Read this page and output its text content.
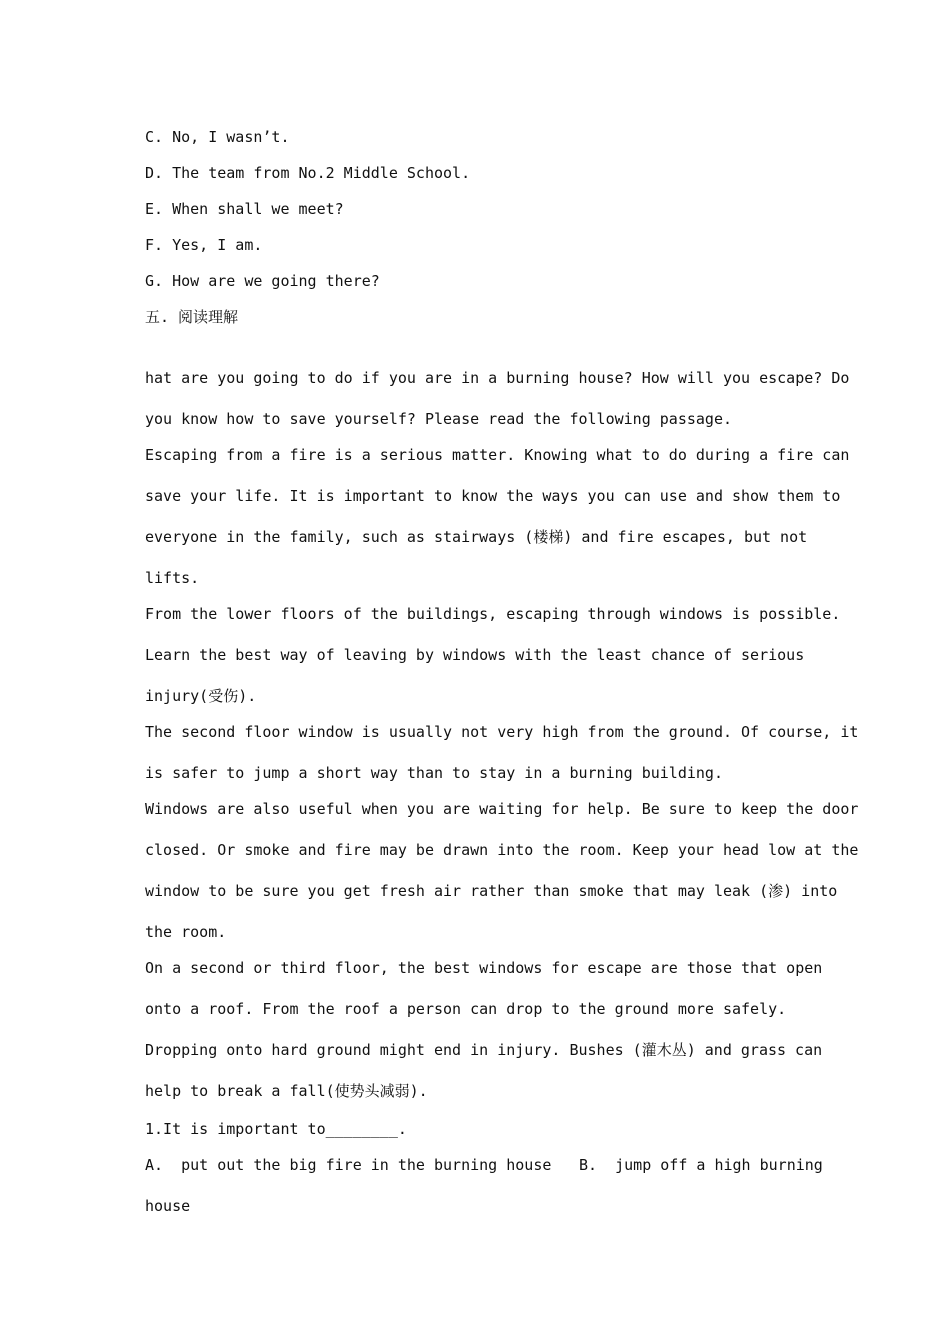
C. No, I wasn’t.
D. The team from No.2 Middle School.
E. When shall we meet?
F. Yes, I am.
G. How are we going there?
五. 阅读理解
hat are you going to do if you are in a burning house? How will you escape? Do
you know how to save yourself? Please read the following passage.
Escaping from a fire is a serious matter. Knowing what to do during a fire can
save your life. It is important to know the ways you can use and show them to
everyone in the family, such as stairways (楼梯) and fire escapes, but not
lifts.
From the lower floors of the buildings, escaping through windows is possible.
Learn the best way of leaving by windows with the least chance of serious
injury(受伤).
The second floor window is usually not very high from the ground. Of course, it
is safer to jump a short way than to stay in a burning building.
Windows are also useful when you are waiting for help. Be sure to keep the door
closed. Or smoke and fire may be drawn into the room. Keep your head low at the
window to be sure you get fresh air rather than smoke that may leak (渗) into
the room.
On a second or third floor, the best windows for escape are those that open
onto a roof. From the roof a person can drop to the ground more safely.
Dropping onto hard ground might end in injury. Bushes (灌木丛) and grass can
help to break a fall(使势头减弱).
1.It is important to________.
A.  put out the big fire in the burning house B.  jump off a high burning
house
